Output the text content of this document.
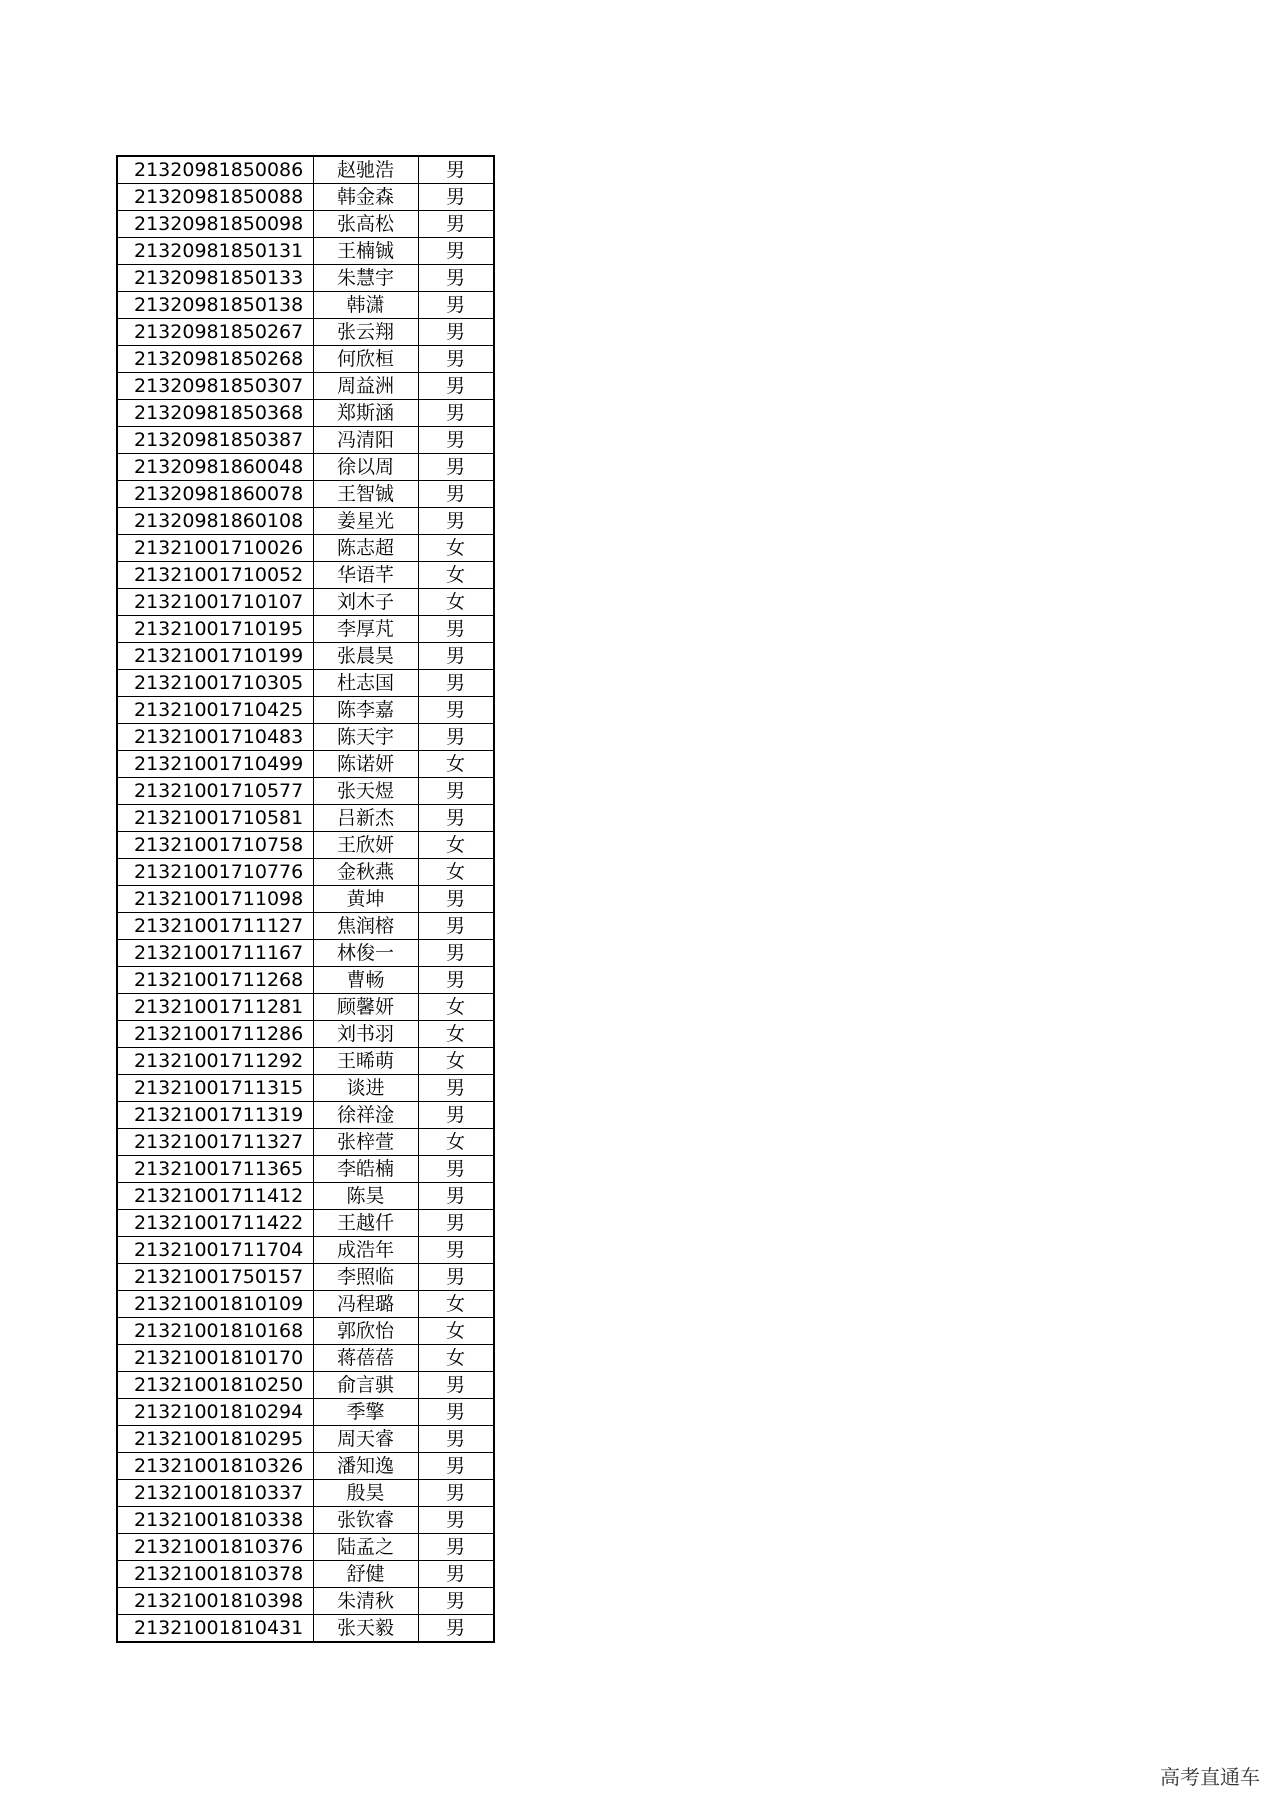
21320981850086	赵驰浩	男
21320981850088	韩金森	男
21320981850098	张高松	男
21320981850131	王楠铖	男
21320981850133	朱慧宇	男
21320981850138	韩潇	男
21320981850267	张云翔	男
21320981850268	何欣桓	男
21320981850307	周益洲	男
21320981850368	郑斯涵	男
21320981850387	冯清阳	男
21320981860048	徐以周	男
21320981860078	王智铖	男
21320981860108	姜星光	男
21321001710026	陈志超	女
21321001710052	华语芊	女
21321001710107	刘木子	女
21321001710195	李厚芃	男
21321001710199	张晨昊	男
21321001710305	杜志国	男
21321001710425	陈李嘉	男
21321001710483	陈天宇	男
21321001710499	陈诺妍	女
21321001710577	张天煜	男
21321001710581	吕新杰	男
21321001710758	王欣妍	女
21321001710776	金秋燕	女
21321001711098	黄坤	男
21321001711127	焦润榕	男
21321001711167	林俊一	男
21321001711268	曹畅	男
21321001711281	顾馨妍	女
21321001711286	刘书羽	女
21321001711292	王晞萌	女
21321001711315	谈进	男
21321001711319	徐祥淦	男
21321001711327	张梓萱	女
21321001711365	李皓楠	男
21321001711412	陈昊	男
21321001711422	王越仟	男
21321001711704	成浩年	男
21321001750157	李照临	男
21321001810109	冯程璐	女
21321001810168	郭欣怡	女
21321001810170	蒋蓓蓓	女
21321001810250	俞言骐	男
21321001810294	季擎	男
21321001810295	周天睿	男
21321001810326	潘知逸	男
21321001810337	殷昊	男
21321001810338	张钦睿	男
21321001810376	陆孟之	男
21321001810378	舒健	男
21321001810398	朱清秋	男
21321001810431	张天毅	男
高考直通车
